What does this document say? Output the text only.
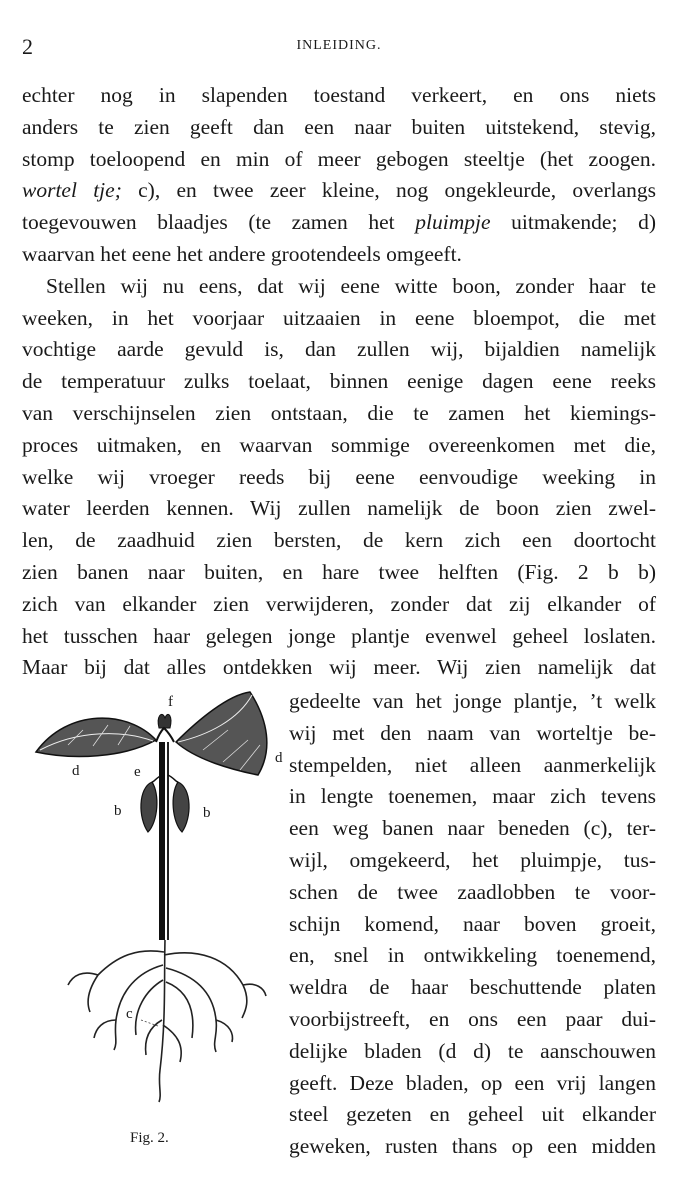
2	INLEIDING.
echter nog in slapenden toestand verkeert, en ons niets
anders te zien geeft dan een naar buiten uitstekend, stevig,
stomp toeloopend en min of meer gebogen steeltje (het zoogen.
wortel tje; c), en twee zeer kleine, nog ongekleurde, overlangs
toegevouwen blaadjes (te zamen het pluimpje uitmakende; d)
waarvan het eene het andere grootendeels omgeeft.
Stellen wij nu eens, dat wij eene witte boon, zonder haar te
weeken, in het voorjaar uitzaaien in eene bloempot, die met
vochtige aarde gevuld is, dan zullen wij, bijaldien namelijk
de temperatuur zulks toelaat, binnen eenige dagen eene reeks
van verschijnselen zien ontstaan, die te zamen het kiemings-
proces uitmaken, en waarvan sommige overeenkomen met die,
welke wij vroeger reeds bij eene eenvoudige weeking in
water leerden kennen. Wij zullen namelijk de boon zien zwel-
len, de zaadhuid zien bersten, de kern zich een doortocht
zien banen naar buiten, en hare twee helften (Fig. 2 b b)
zich van elkander zien verwijderen, zonder dat zij elkander of
het tusschen haar gelegen jonge plantje evenwel geheel loslaten.
Maar bij dat alles ontdekken wij meer. Wij zien namelijk dat
gedeelte van het jonge plantje, ’t welk
wij met den naam van worteltje be-
stempelden, niet alleen aanmerkelijk
in lengte toenemen, maar zich tevens
een weg banen naar beneden (c), ter-
wijl, omgekeerd, het pluimpje, tus-
schen de twee zaadlobben te voor-
schijn komend, naar boven groeit,
en, snel in ontwikkeling toenemend,
weldra de haar beschuttende platen
voorbijstreeft, en ons een paar dui-
delijke bladen (d d) te aanschouwen
geeft. Deze bladen, op een vrij langen
steel gezeten en geheel uit elkander
geweken, rusten thans op een midden
f
d
d
e
b	b
c
Fig. 2.
